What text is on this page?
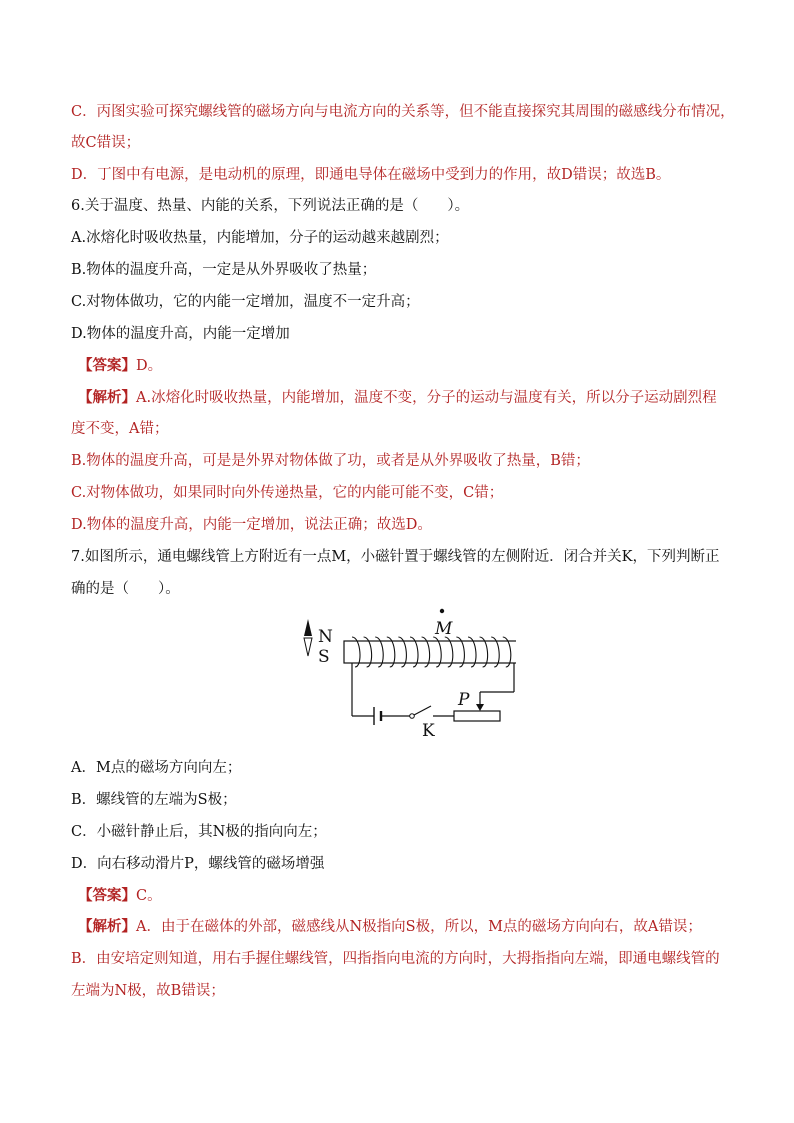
C．丙图实验可探究螺线管的磁场方向与电流方向的关系等，但不能直接探究其周围的磁感线分布情况，
故C错误；
D．丁图中有电源，是电动机的原理，即通电导体在磁场中受到力的作用，故D错误；故选B。
6.关于温度、热量、内能的关系，下列说法正确的是（　　）。
A.冰熔化时吸收热量，内能增加，分子的运动越来越剧烈；
B.物体的温度升高，一定是从外界吸收了热量；
C.对物体做功，它的内能一定增加，温度不一定升高；
D.物体的温度升高，内能一定增加
【答案】D。
【解析】A.冰熔化时吸收热量，内能增加，温度不变，分子的运动与温度有关，所以分子运动剧烈程
度不变，A错；
B.物体的温度升高，可是是外界对物体做了功，或者是从外界吸收了热量，B错；
C.对物体做功，如果同时向外传递热量，它的内能可能不变，C错；
D.物体的温度升高，内能一定增加，说法正确；故选D。
7.如图所示，通电螺线管上方附近有一点M，小磁针置于螺线管的左侧附近．闭合并关K，下列判断正
确的是（　　）。
M
N
S
K
P
A．M点的磁场方向向左；
B．螺线管的左端为S极；
C．小磁针静止后，其N极的指向向左；
D．向右移动滑片P，螺线管的磁场增强
【答案】C。
【解析】A．由于在磁体的外部，磁感线从N极指向S极，所以，M点的磁场方向向右，故A错误；
B．由安培定则知道，用右手握住螺线管，四指指向电流的方向时，大拇指指向左端，即通电螺线管的
左端为N极，故B错误；
